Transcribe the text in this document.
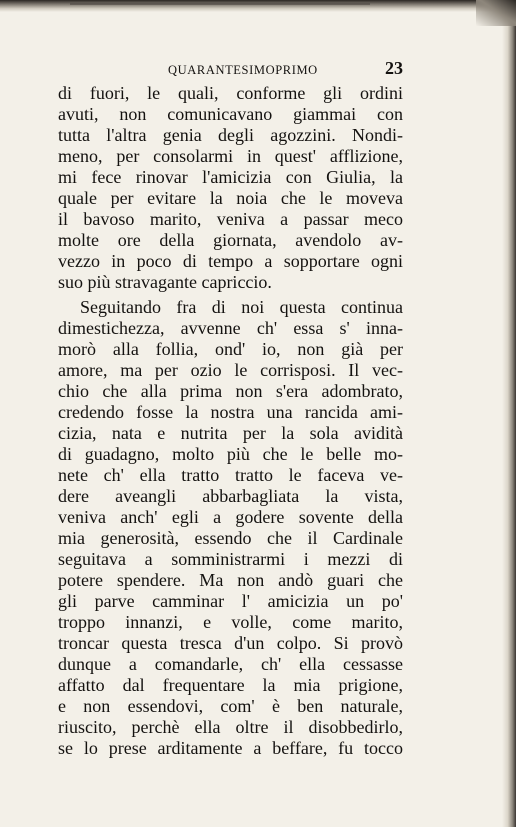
QUARANTESIMOPRIMO	23
di fuori, le quali, conforme gli ordini
avuti, non comunicavano giammai con
tutta l'altra genia degli agozzini. Nondi-
meno, per consolarmi in quest' afflizione,
mi fece rinovar l'amicizia con Giulia, la
quale per evitare la noia che le moveva
il bavoso marito, veniva a passar meco
molte ore della giornata, avendolo av-
vezzo in poco di tempo a sopportare ogni
suo più stravagante capriccio.
Seguitando fra di noi questa continua
dimestichezza, avvenne ch' essa s' inna-
morò alla follia, ond' io, non già per
amore, ma per ozio le corrisposi. Il vec-
chio che alla prima non s'era adombrato,
credendo fosse la nostra una rancida ami-
cizia, nata e nutrita per la sola avidità
di guadagno, molto più che le belle mo-
nete ch' ella tratto tratto le faceva ve-
dere aveangli abbarbagliata la vista,
veniva anch' egli a godere sovente della
mia generosità, essendo che il Cardinale
seguitava a somministrarmi i mezzi di
potere spendere. Ma non andò guari che
gli parve camminar l' amicizia un po'
troppo innanzi, e volle, come marito,
troncar questa tresca d'un colpo. Si provò
dunque a comandarle, ch' ella cessasse
affatto dal frequentare la mia prigione,
e non essendovi, com' è ben naturale,
riuscito, perchè ella oltre il disobbedirlo,
se lo prese arditamente a beffare, fu tocco
